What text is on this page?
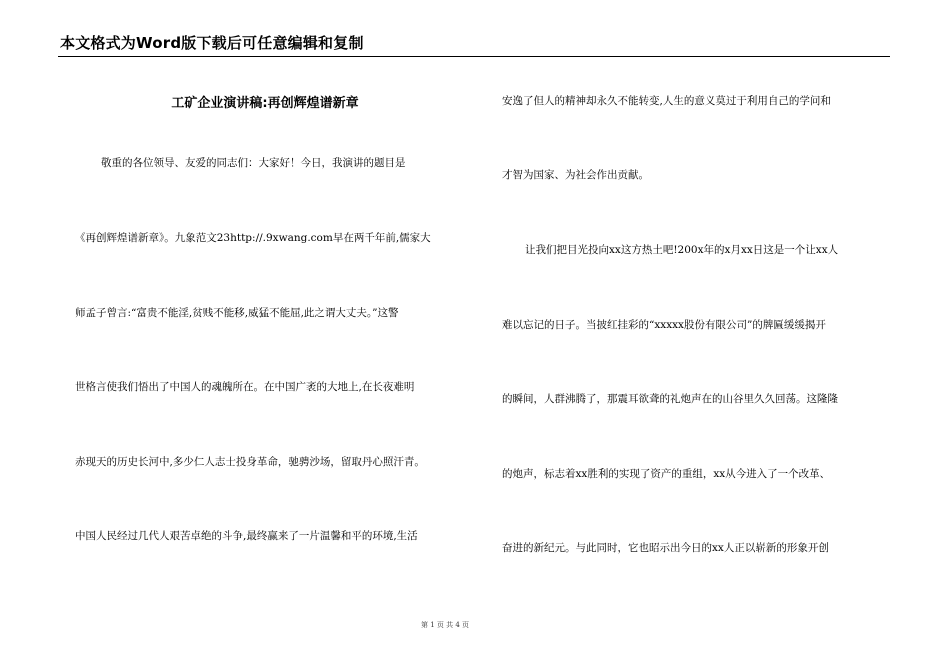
本文格式为Word版下载后可任意编辑和复制
工矿企业演讲稿:再创辉煌谱新章
敬重的各位领导、友爱的同志们：大家好！今日，我演讲的题目是
《再创辉煌谱新章》。九象范文23http://.9xwang.com早在两千年前,儒家大
师孟子曾言:“富贵不能淫,贫贱不能移,威猛不能屈,此之谓大丈夫。”这警
世格言使我们悟出了中国人的魂魄所在。在中国广袤的大地上,在长夜难明
赤现天的历史长河中,多少仁人志士投身革命，驰骋沙场，留取丹心照汗青。
中国人民经过几代人艰苦卓绝的斗争,最终赢来了一片温馨和平的环境,生活
安逸了但人的精神却永久不能转变,人生的意义莫过于利用自己的学问和
才智为国家、为社会作出贡献。
让我们把目光投向xx这方热土吧!200x年的x月xx日这是一个让xx人
难以忘记的日子。当披红挂彩的“xxxxx股份有限公司”的牌匾缓缓揭开
的瞬间，人群沸腾了，那震耳欲聋的礼炮声在的山谷里久久回荡。这隆隆
的炮声，标志着xx胜利的实现了资产的重组，xx从今进入了一个改革、
奋进的新纪元。与此同时，它也昭示出今日的xx人正以崭新的形象开创
第 1 页 共 4 页
